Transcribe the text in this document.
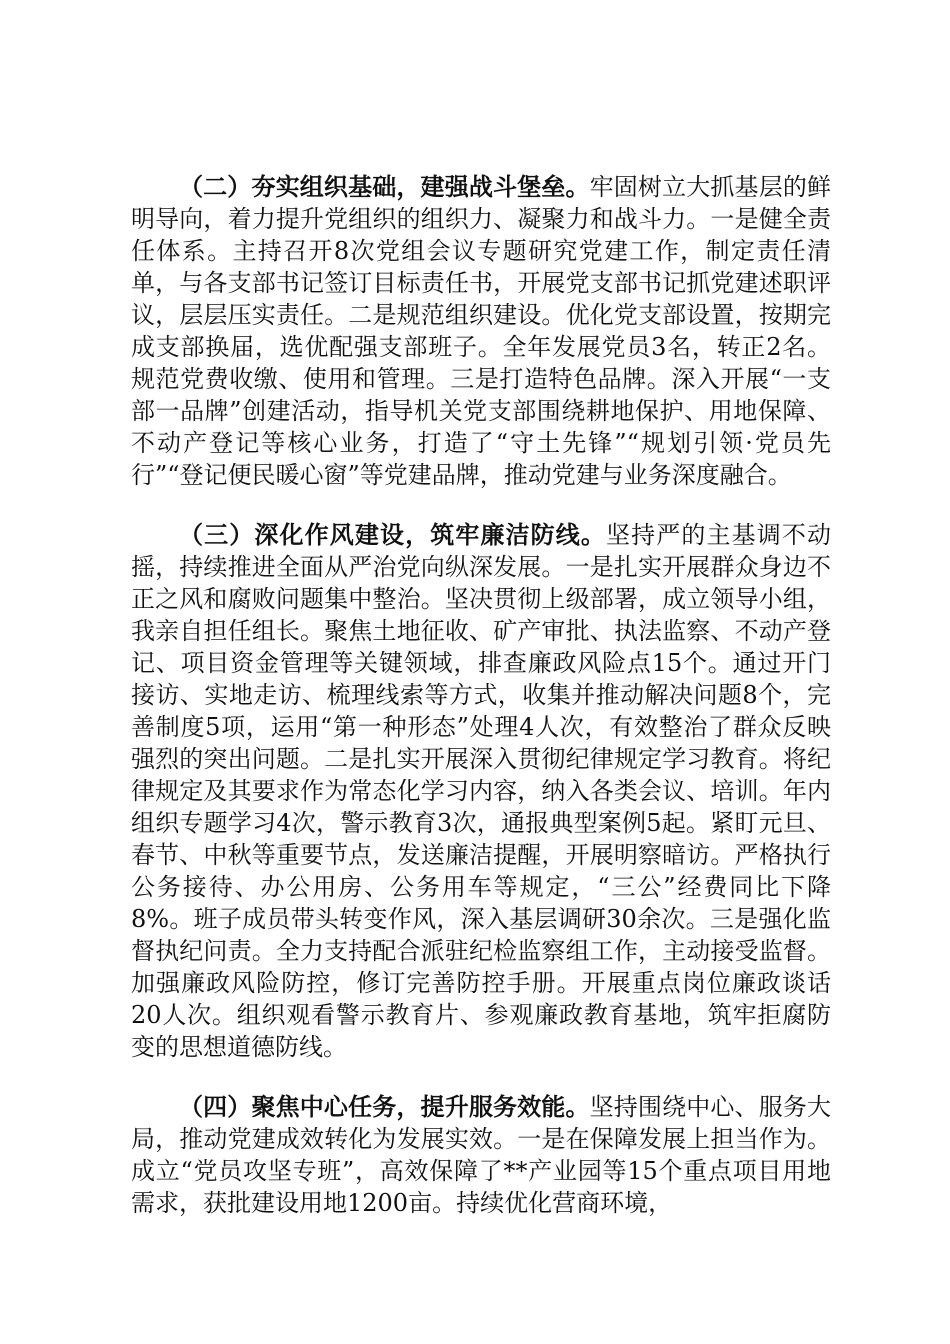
（二）夯实组织基础，建强战斗堡垒。牢固树立大抓基层的鲜明导向，着力提升党组织的组织力、凝聚力和战斗力。一是健全责任体系。主持召开8次党组会议专题研究党建工作，制定责任清单，与各支部书记签订目标责任书，开展党支部书记抓党建述职评议，层层压实责任。二是规范组织建设。优化党支部设置，按期完成支部换届，选优配强支部班子。全年发展党员3名，转正2名。规范党费收缴、使用和管理。三是打造特色品牌。深入开展“一支部一品牌”创建活动，指导机关党支部围绕耕地保护、用地保障、不动产登记等核心业务，打造了“守土先锋”“规划引领·党员先行”“登记便民暖心窗”等党建品牌，推动党建与业务深度融合。

（三）深化作风建设，筑牢廉洁防线。坚持严的主基调不动摇，持续推进全面从严治党向纵深发展。一是扎实开展群众身边不正之风和腐败问题集中整治。坚决贯彻上级部署，成立领导小组，我亲自担任组长。聚焦土地征收、矿产审批、执法监察、不动产登记、项目资金管理等关键领域，排查廉政风险点15个。通过开门接访、实地走访、梳理线索等方式，收集并推动解决问题8个，完善制度5项，运用“第一种形态”处理4人次，有效整治了群众反映强烈的突出问题。二是扎实开展深入贯彻纪律规定学习教育。将纪律规定及其要求作为常态化学习内容，纳入各类会议、培训。年内组织专题学习4次，警示教育3次，通报典型案例5起。紧盯元旦、春节、中秋等重要节点，发送廉洁提醒，开展明察暗访。严格执行公务接待、办公用房、公务用车等规定，“三公”经费同比下降8%。班子成员带头转变作风，深入基层调研30余次。三是强化监督执纪问责。全力支持配合派驻纪检监察组工作，主动接受监督。加强廉政风险防控，修订完善防控手册。开展重点岗位廉政谈话20人次。组织观看警示教育片、参观廉政教育基地，筑牢拒腐防变的思想道德防线。

（四）聚焦中心任务，提升服务效能。坚持围绕中心、服务大局，推动党建成效转化为发展实效。一是在保障发展上担当作为。成立“党员攻坚专班”，高效保障了**产业园等15个重点项目用地需求，获批建设用地1200亩。持续优化营商环境，
